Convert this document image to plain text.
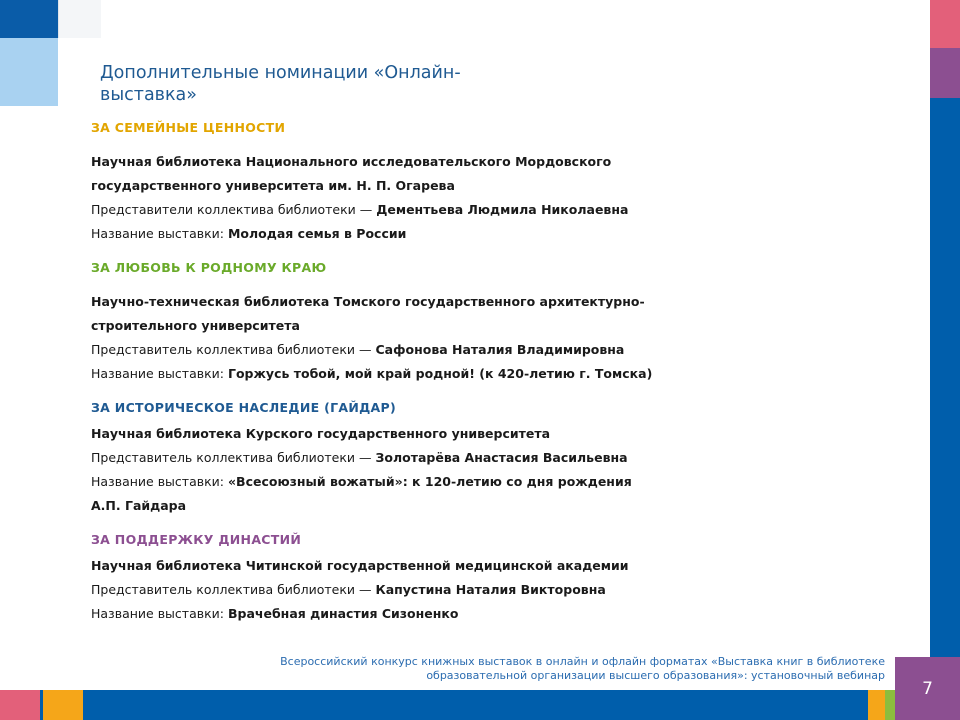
Дополнительные номинации «Онлайн-выставка»
ЗА СЕМЕЙНЫЕ ЦЕННОСТИ
Научная библиотека Национального исследовательского Мордовского
государственного университета им. Н. П. Огарева
Представители коллектива библиотеки — Дементьева Людмила Николаевна
Название выставки: Молодая семья в России
ЗА ЛЮБОВЬ К РОДНОМУ КРАЮ
Научно-техническая библиотека Томского государственного архитектурно-
строительного университета
Представитель коллектива библиотеки — Сафонова Наталия Владимировна
Название выставки: Горжусь тобой, мой край родной! (к 420-летию г. Томска)
ЗА ИСТОРИЧЕСКОЕ НАСЛЕДИЕ (ГАЙДАР)
Научная библиотека Курского государственного университета
Представитель коллектива библиотеки — Золотарёва Анастасия Васильевна
Название выставки: «Всесоюзный вожатый»: к 120-летию со дня рождения
А.П. Гайдара
ЗА ПОДДЕРЖКУ ДИНАСТИЙ
Научная библиотека Читинской государственной медицинской академии
Представитель коллектива библиотеки — Капустина Наталия Викторовна
Название выставки: Врачебная династия Сизоненко
Всероссийский конкурс книжных выставок в онлайн и офлайн форматах «Выставка книг в библиотеке образовательной организации высшего образования»: установочный вебинар
7
